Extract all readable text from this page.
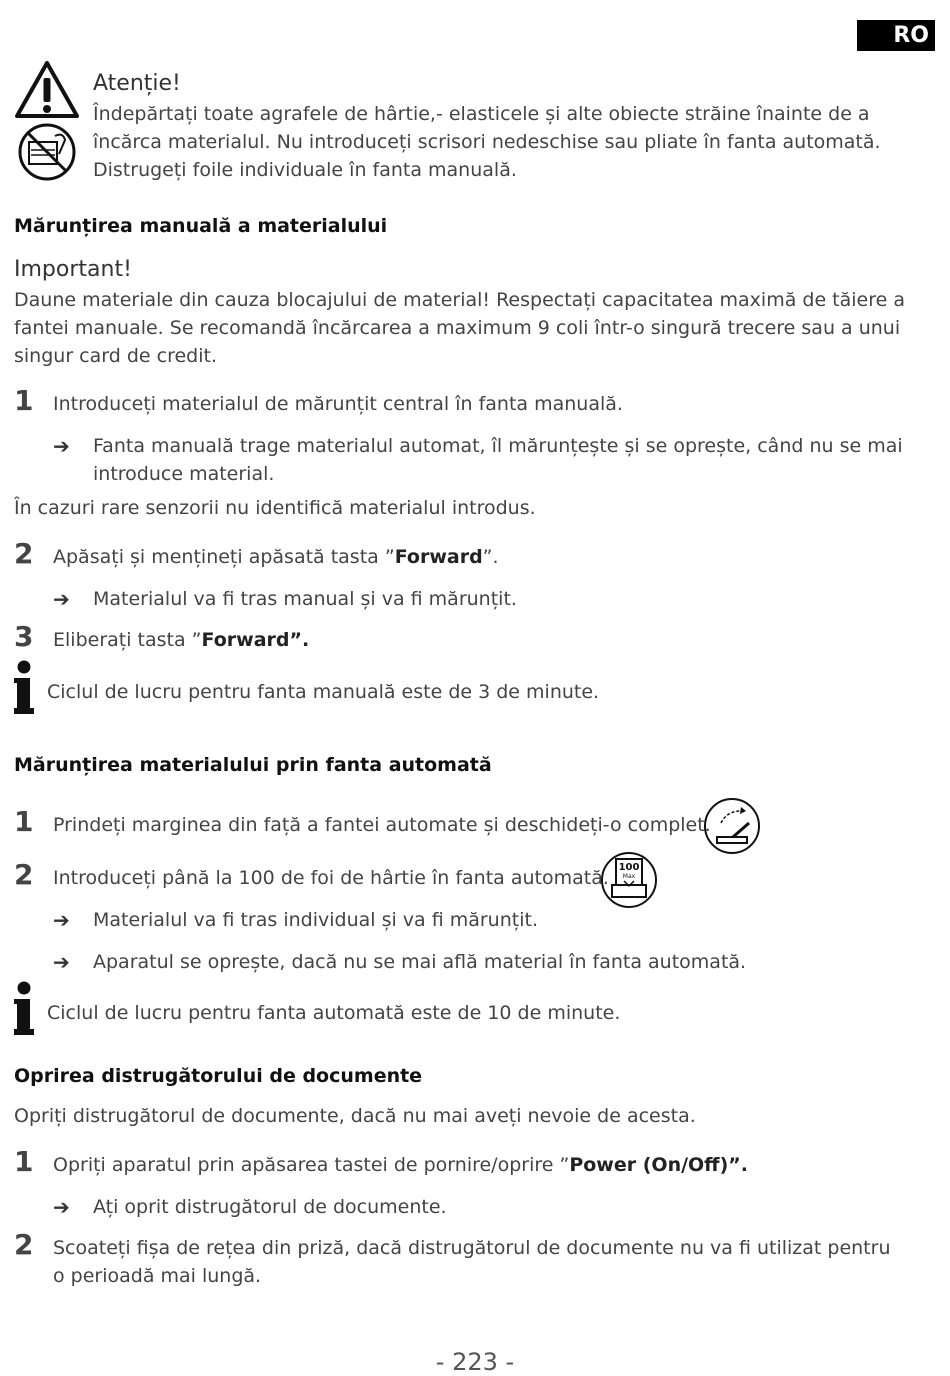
RO
Atenție!
Îndepărtați toate agrafele de hârtie,- elasticele și alte obiecte străine înainte de a încărca materialul. Nu introduceți scrisori nedeschise sau pliate în fanta automată. Distrugeți foile individuale în fanta manuală.
Mărunțirea manuală a materialului
Important!
Daune materiale din cauza blocajului de material! Respectați capacitatea maximă de tăiere a fantei manuale. Se recomandă încărcarea a maximum 9 coli într-o singură trecere sau a unui singur card de credit.
1	Introduceți materialul de mărunțit central în fanta manuală.
➔ Fanta manuală trage materialul automat, îl mărunțește și se oprește, când nu se mai introduce material.
În cazuri rare senzorii nu identifică materialul introdus.
2	Apăsați și mențineți apăsată tasta ”Forward”.
➔ Materialul va fi tras manual și va fi mărunțit.
3	Eliberați tasta ”Forward”.
Ciclul de lucru pentru fanta manuală este de 3 de minute.
Mărunțirea materialului prin fanta automată
1	Prindeți marginea din față a fantei automate și deschideți-o complet.
2	Introduceți până la 100 de foi de hârtie în fanta automată. 100
Max
➔ Materialul va fi tras individual și va fi mărunțit.
➔ Aparatul se oprește, dacă nu se mai află material în fanta automată.
Ciclul de lucru pentru fanta automată este de 10 de minute.
Oprirea distrugătorului de documente
Opriți distrugătorul de documente, dacă nu mai aveți nevoie de acesta.
1	Opriți aparatul prin apăsarea tastei de pornire/oprire ”Power (On/Off)”.
➔ Ați oprit distrugătorul de documente.
2	Scoateți fișa de rețea din priză, dacă distrugătorul de documente nu va fi utilizat pentru o perioadă mai lungă.
- 223 -
